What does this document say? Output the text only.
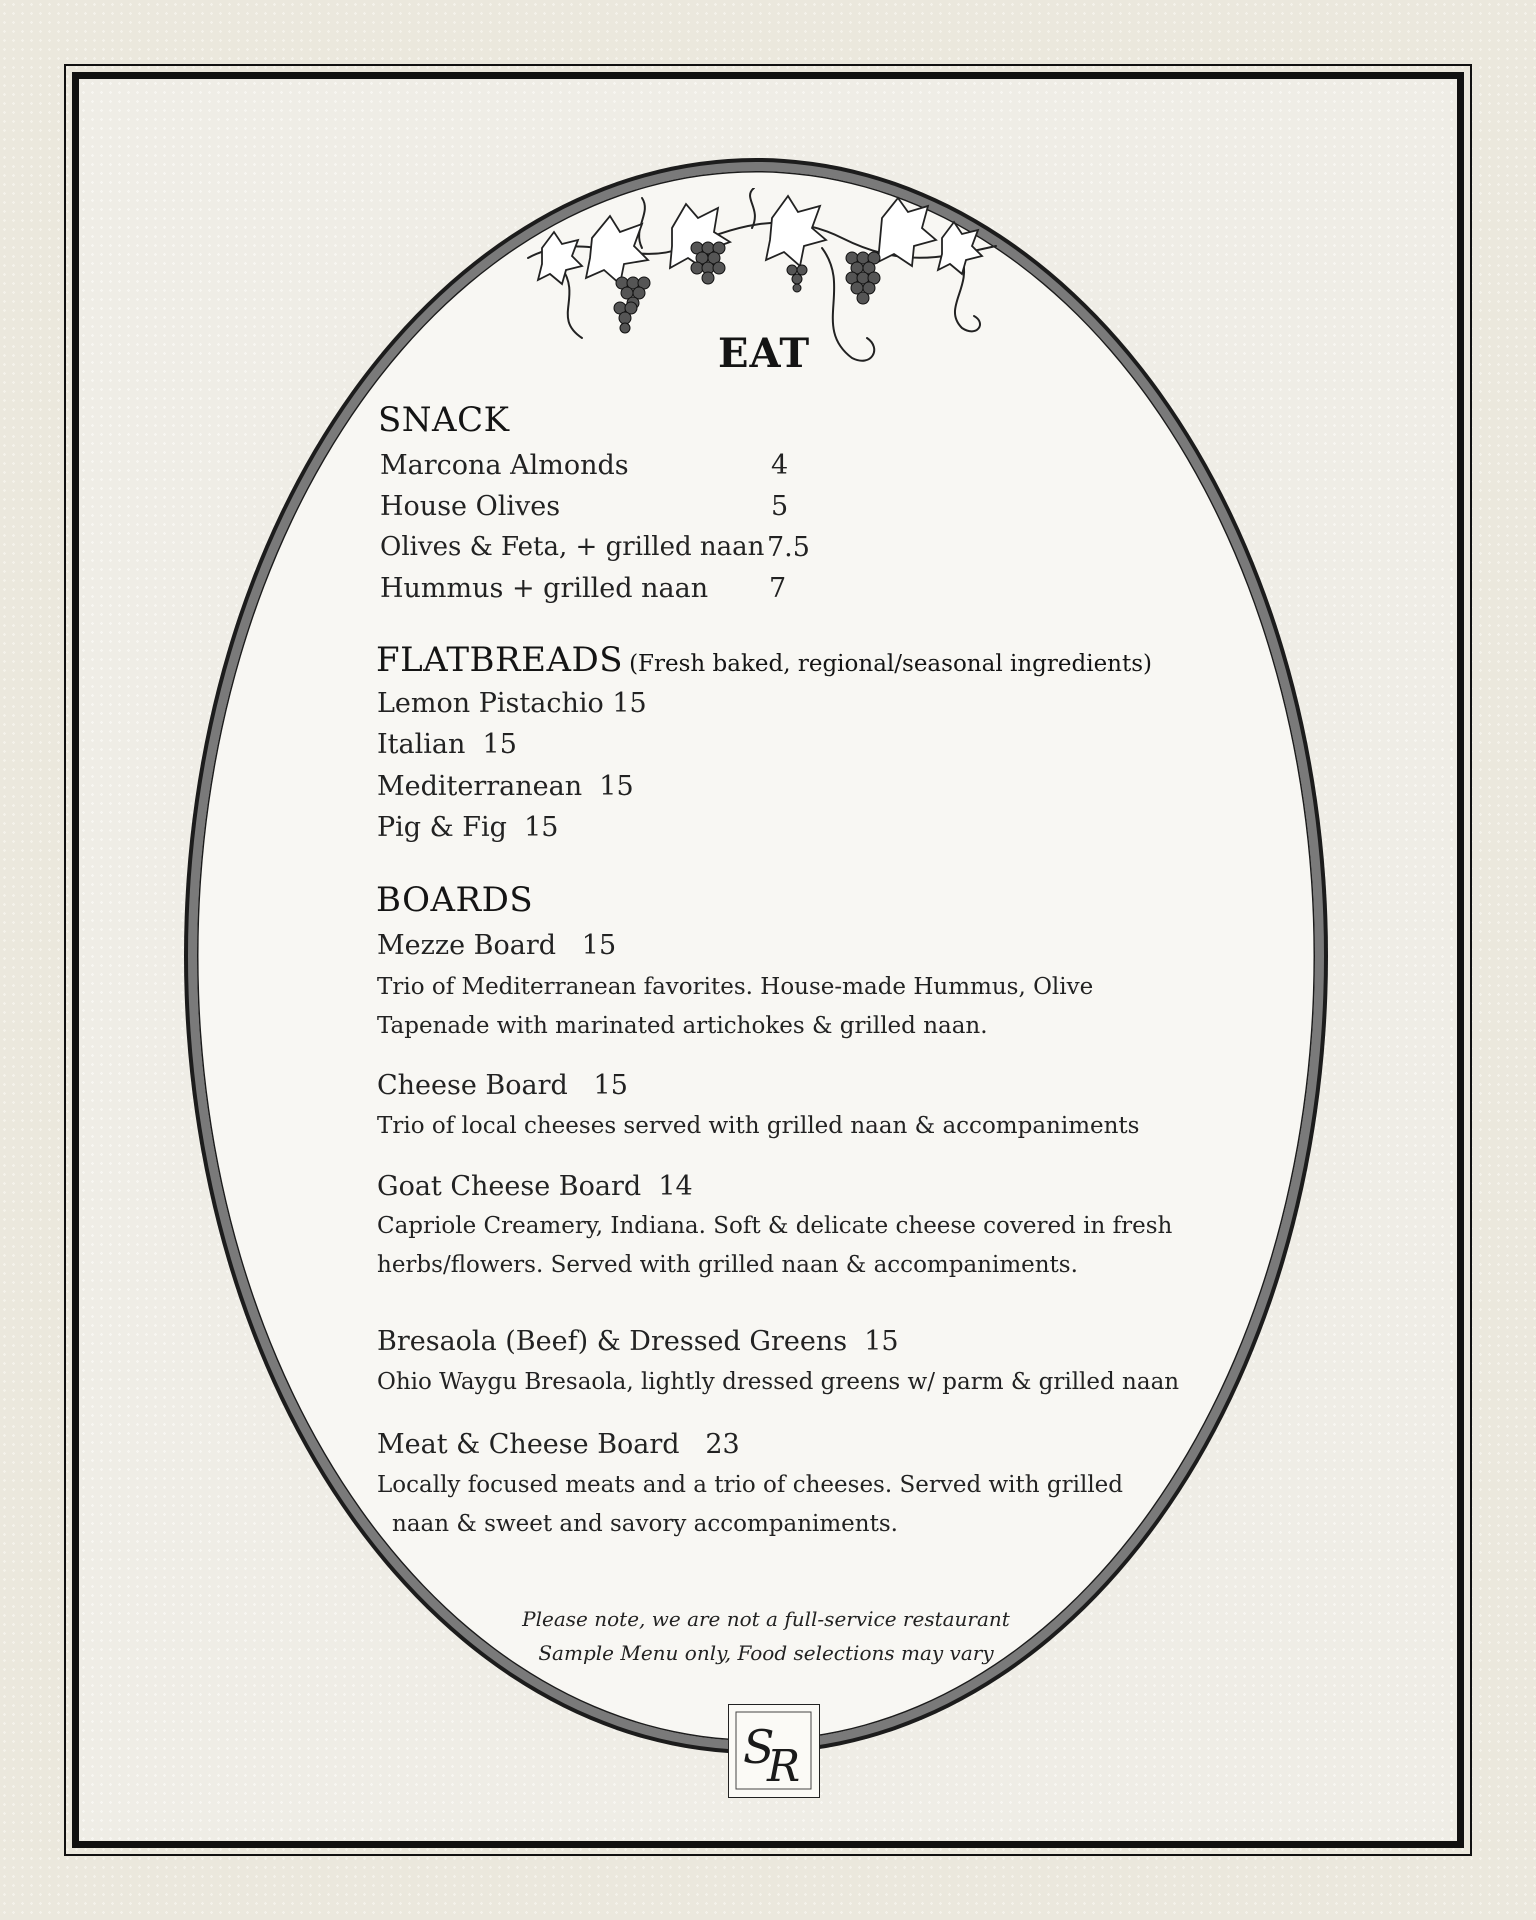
EAT
SNACK
Marcona Almonds	4
House Olives	5
Olives & Feta, + grilled naan 7.5
Hummus + grilled naan 7
FLATBREADS (Fresh baked, regional/seasonal ingredients)
Lemon Pistachio 15
Italian  15
Mediterranean  15
Pig & Fig  15
BOARDS
Mezze Board   15
Trio of Mediterranean favorites. House-made Hummus, Olive
Tapenade with marinated artichokes & grilled naan.
Cheese Board   15
Trio of local cheeses served with grilled naan & accompaniments
Goat Cheese Board  14
Capriole Creamery, Indiana. Soft & delicate cheese covered in fresh
herbs/flowers. Served with grilled naan & accompaniments.
Bresaola (Beef) & Dressed Greens  15
Ohio Waygu Bresaola, lightly dressed greens w/ parm & grilled naan
Meat & Cheese Board   23
Locally focused meats and a trio of cheeses. Served with grilled
naan & sweet and savory accompaniments.
Please note, we are not a full-service restaurant
Sample Menu only, Food selections may vary
S
R
